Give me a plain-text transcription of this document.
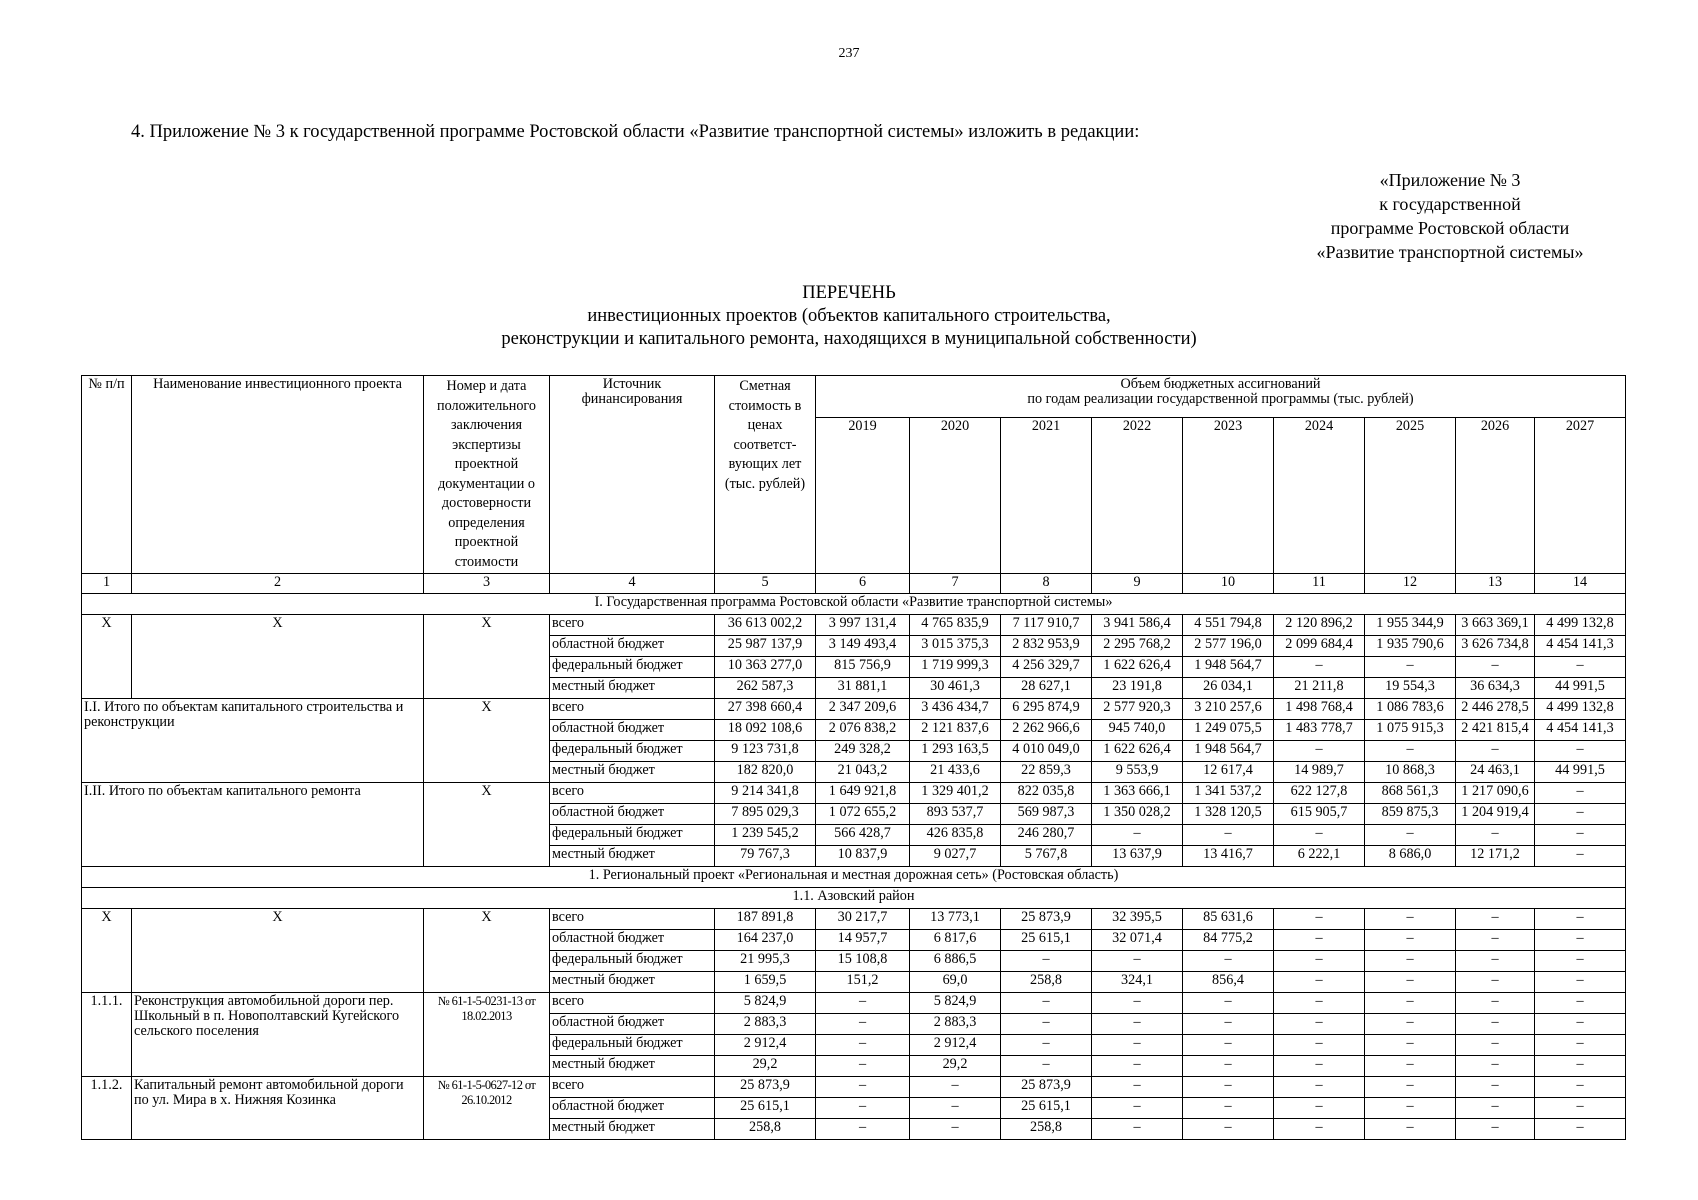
237
4. Приложение № 3 к государственной программе Ростовской области «Развитие транспортной системы» изложить в редакции:
«Приложение № 3
к государственной
программе Ростовской области
«Развитие транспортной системы»
ПЕРЕЧЕНЬ
инвестиционных проектов (объектов капитального строительства,
реконструкции и капитального ремонта, находящихся в муниципальной собственности)
№ п/п	Наименование инвестиционного проекта	Номер и дата положительного заключения экспертизы проектной документации о достоверности определения проектной стоимости	Источник финансирования	Сметная стоимость в ценах соответст-вующих лет (тыс. рублей)	Объем бюджетных ассигнований
по годам реализации государственной программы (тыс. рублей)								

					2019	2020	2021	2022	2023	2024	2025	2026	2027
1	2	3	4	5	6	7	8	9	10	11	12	13	14
I. Государственная программа Ростовской области «Развитие транспортной системы»													
Х	Х	Х	всего	36 613 002,2	3 997 131,4	4 765 835,9	7 117 910,7	3 941 586,4	4 551 794,8	2 120 896,2	1 955 344,9	3 663 369,1	4 499 132,8
			областной бюджет	25 987 137,9	3 149 493,4	3 015 375,3	2 832 953,9	2 295 768,2	2 577 196,0	2 099 684,4	1 935 790,6	3 626 734,8	4 454 141,3
			федеральный бюджет	10 363 277,0	815 756,9	1 719 999,3	4 256 329,7	1 622 626,4	1 948 564,7	–	–	–	–
			местный бюджет	262 587,3	31 881,1	30 461,3	28 627,1	23 191,8	26 034,1	21 211,8	19 554,3	36 634,3	44 991,5
I.I. Итого по объектам капитального строительства и реконструкции		Х	всего	27 398 660,4	2 347 209,6	3 436 434,7	6 295 874,9	2 577 920,3	3 210 257,6	1 498 768,4	1 086 783,6	2 446 278,5	4 499 132,8
			областной бюджет	18 092 108,6	2 076 838,2	2 121 837,6	2 262 966,6	945 740,0	1 249 075,5	1 483 778,7	1 075 915,3	2 421 815,4	4 454 141,3
			федеральный бюджет	9 123 731,8	249 328,2	1 293 163,5	4 010 049,0	1 622 626,4	1 948 564,7	–	–	–	–
			местный бюджет	182 820,0	21 043,2	21 433,6	22 859,3	9 553,9	12 617,4	14 989,7	10 868,3	24 463,1	44 991,5
I.II. Итого по объектам капитального ремонта		Х	всего	9 214 341,8	1 649 921,8	1 329 401,2	822 035,8	1 363 666,1	1 341 537,2	622 127,8	868 561,3	1 217 090,6	–
			областной бюджет	7 895 029,3	1 072 655,2	893 537,7	569 987,3	1 350 028,2	1 328 120,5	615 905,7	859 875,3	1 204 919,4	–
			федеральный бюджет	1 239 545,2	566 428,7	426 835,8	246 280,7	–	–	–	–	–	–
			местный бюджет	79 767,3	10 837,9	9 027,7	5 767,8	13 637,9	13 416,7	6 222,1	8 686,0	12 171,2	–
1. Региональный проект «Региональная и местная дорожная сеть» (Ростовская область)													
1.1. Азовский район													
Х	Х	Х	всего	187 891,8	30 217,7	13 773,1	25 873,9	32 395,5	85 631,6	–	–	–	–
			областной бюджет	164 237,0	14 957,7	6 817,6	25 615,1	32 071,4	84 775,2	–	–	–	–
			федеральный бюджет	21 995,3	15 108,8	6 886,5	–	–	–	–	–	–	–
			местный бюджет	1 659,5	151,2	69,0	258,8	324,1	856,4	–	–	–	–
1.1.1.	Реконструкция автомобильной дороги пер. Школьный в п. Новополтавский Кугейского сельского поселения	№ 61-1-5-0231-13 от 18.02.2013	всего	5 824,9	–	5 824,9	–	–	–	–	–	–	–
			областной бюджет	2 883,3	–	2 883,3	–	–	–	–	–	–	–
			федеральный бюджет	2 912,4	–	2 912,4	–	–	–	–	–	–	–
			местный бюджет	29,2	–	29,2	–	–	–	–	–	–	–
1.1.2.	Капитальный ремонт автомобильной дороги по ул. Мира в х. Нижняя Козинка	№ 61-1-5-0627-12 от 26.10.2012	всего	25 873,9	–	–	25 873,9	–	–	–	–	–	–
			областной бюджет	25 615,1	–	–	25 615,1	–	–	–	–	–	–
			местный бюджет	258,8	–	–	258,8	–	–	–	–	–	–
